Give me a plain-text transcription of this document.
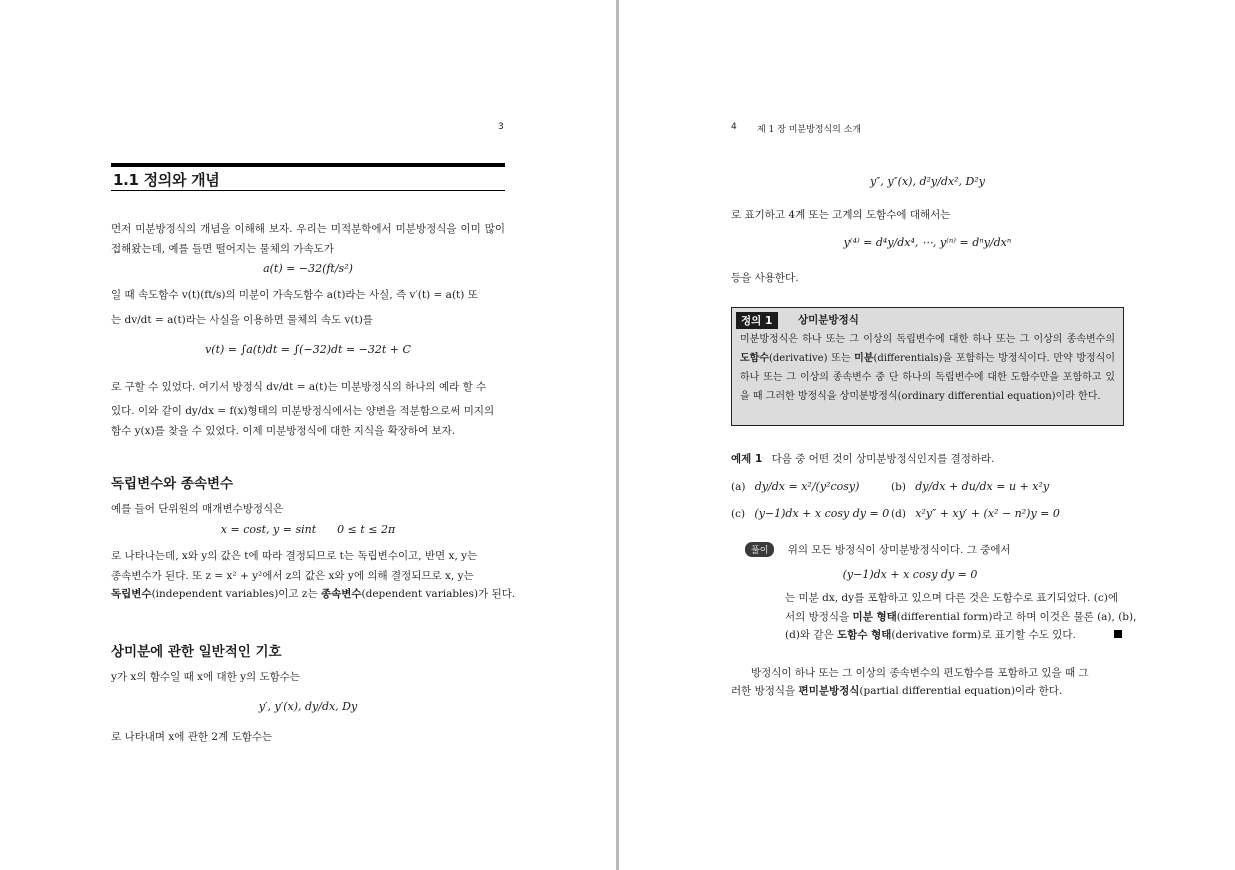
3
1.1 정의와 개념
먼저 미분방정식의 개념을 이해해 보자. 우리는 미적분학에서 미분방정식을 이미 많이 접해왔는데, 예를 들면 떨어지는 물체의 가속도가
a(t) = −32(ft/s²)
일 때 속도함수 v(t)(ft/s)의 미분이 가속도함수 a(t)라는 사실, 즉 v′(t) = a(t) 또
는 dv/dt = a(t)라는 사실을 이용하면 물체의 속도 v(t)를
v(t) = ∫a(t)dt = ∫(−32)dt = −32t + C
로 구할 수 있었다. 여기서 방정식 dv/dt = a(t)는 미분방정식의 하나의 예라 할 수
있다. 이와 같이 dy/dx = f(x)형태의 미분방정식에서는 양변을 적분함으로써 미지의
함수 y(x)를 찾을 수 있었다. 이제 미분방정식에 대한 지식을 확장하여 보자.
독립변수와 종속변수
예를 들어 단위원의 매개변수방정식은
x = cost, y = sint      0 ≤ t ≤ 2π
로 나타나는데, x와 y의 값은 t에 따라 결정되므로 t는 독립변수이고, 반면 x, y는
종속변수가 된다. 또 z = x² + y²에서 z의 값은 x와 y에 의해 결정되므로 x, y는
독립변수(independent variables)이고 z는 종속변수(dependent variables)가 된다.
상미분에 관한 일반적인 기호
y가 x의 함수일 때 x에 대한 y의 도함수는
y′, y′(x), dy/dx, Dy
로 나타내며 x에 관한 2계 도함수는
4 제 1 장 미분방정식의 소개
y″, y″(x), d²y/dx², D²y
로 표기하고 4계 또는 고계의 도함수에 대해서는
y⁽⁴⁾ = d⁴y/dx⁴, ⋯, y⁽ⁿ⁾ = dⁿy/dxⁿ
등을 사용한다.
정의 1	상미분방정식
미분방정식은 하나 또는 그 이상의 독립변수에 대한 하나 또는 그 이상의 종속변수의 도함수(derivative) 또는 미분(differentials)을 포함하는 방정식이다. 만약 방정식이 하나 또는 그 이상의 종속변수 중 단 하나의 독립변수에 대한 도함수만을 포함하고 있을 때 그러한 방정식을 상미분방정식(ordinary differential equation)이라 한다.
예제 1 다음 중 어떤 것이 상미분방정식인지를 결정하라.
(a) dy/dx = x²/(y²cosy)	(b) dy/dx + du/dx = u + x²y
(c) (y−1)dx + x cosy dy = 0 (d) x²y″ + xy′ + (x² − n²)y = 0
풀이 위의 모든 방정식이 상미분방정식이다. 그 중에서
(y−1)dx + x cosy dy = 0
는 미분 dx, dy를 포함하고 있으며 다른 것은 도함수로 표기되었다. (c)에
서의 방정식을 미분 형태(differential form)라고 하며 이것은 물론 (a), (b),
(d)와 같은 도함수 형태(derivative form)로 표기할 수도 있다.
방정식이 하나 또는 그 이상의 종속변수의 편도함수를 포함하고 있을 때 그
러한 방정식을 편미분방정식(partial differential equation)이라 한다.
